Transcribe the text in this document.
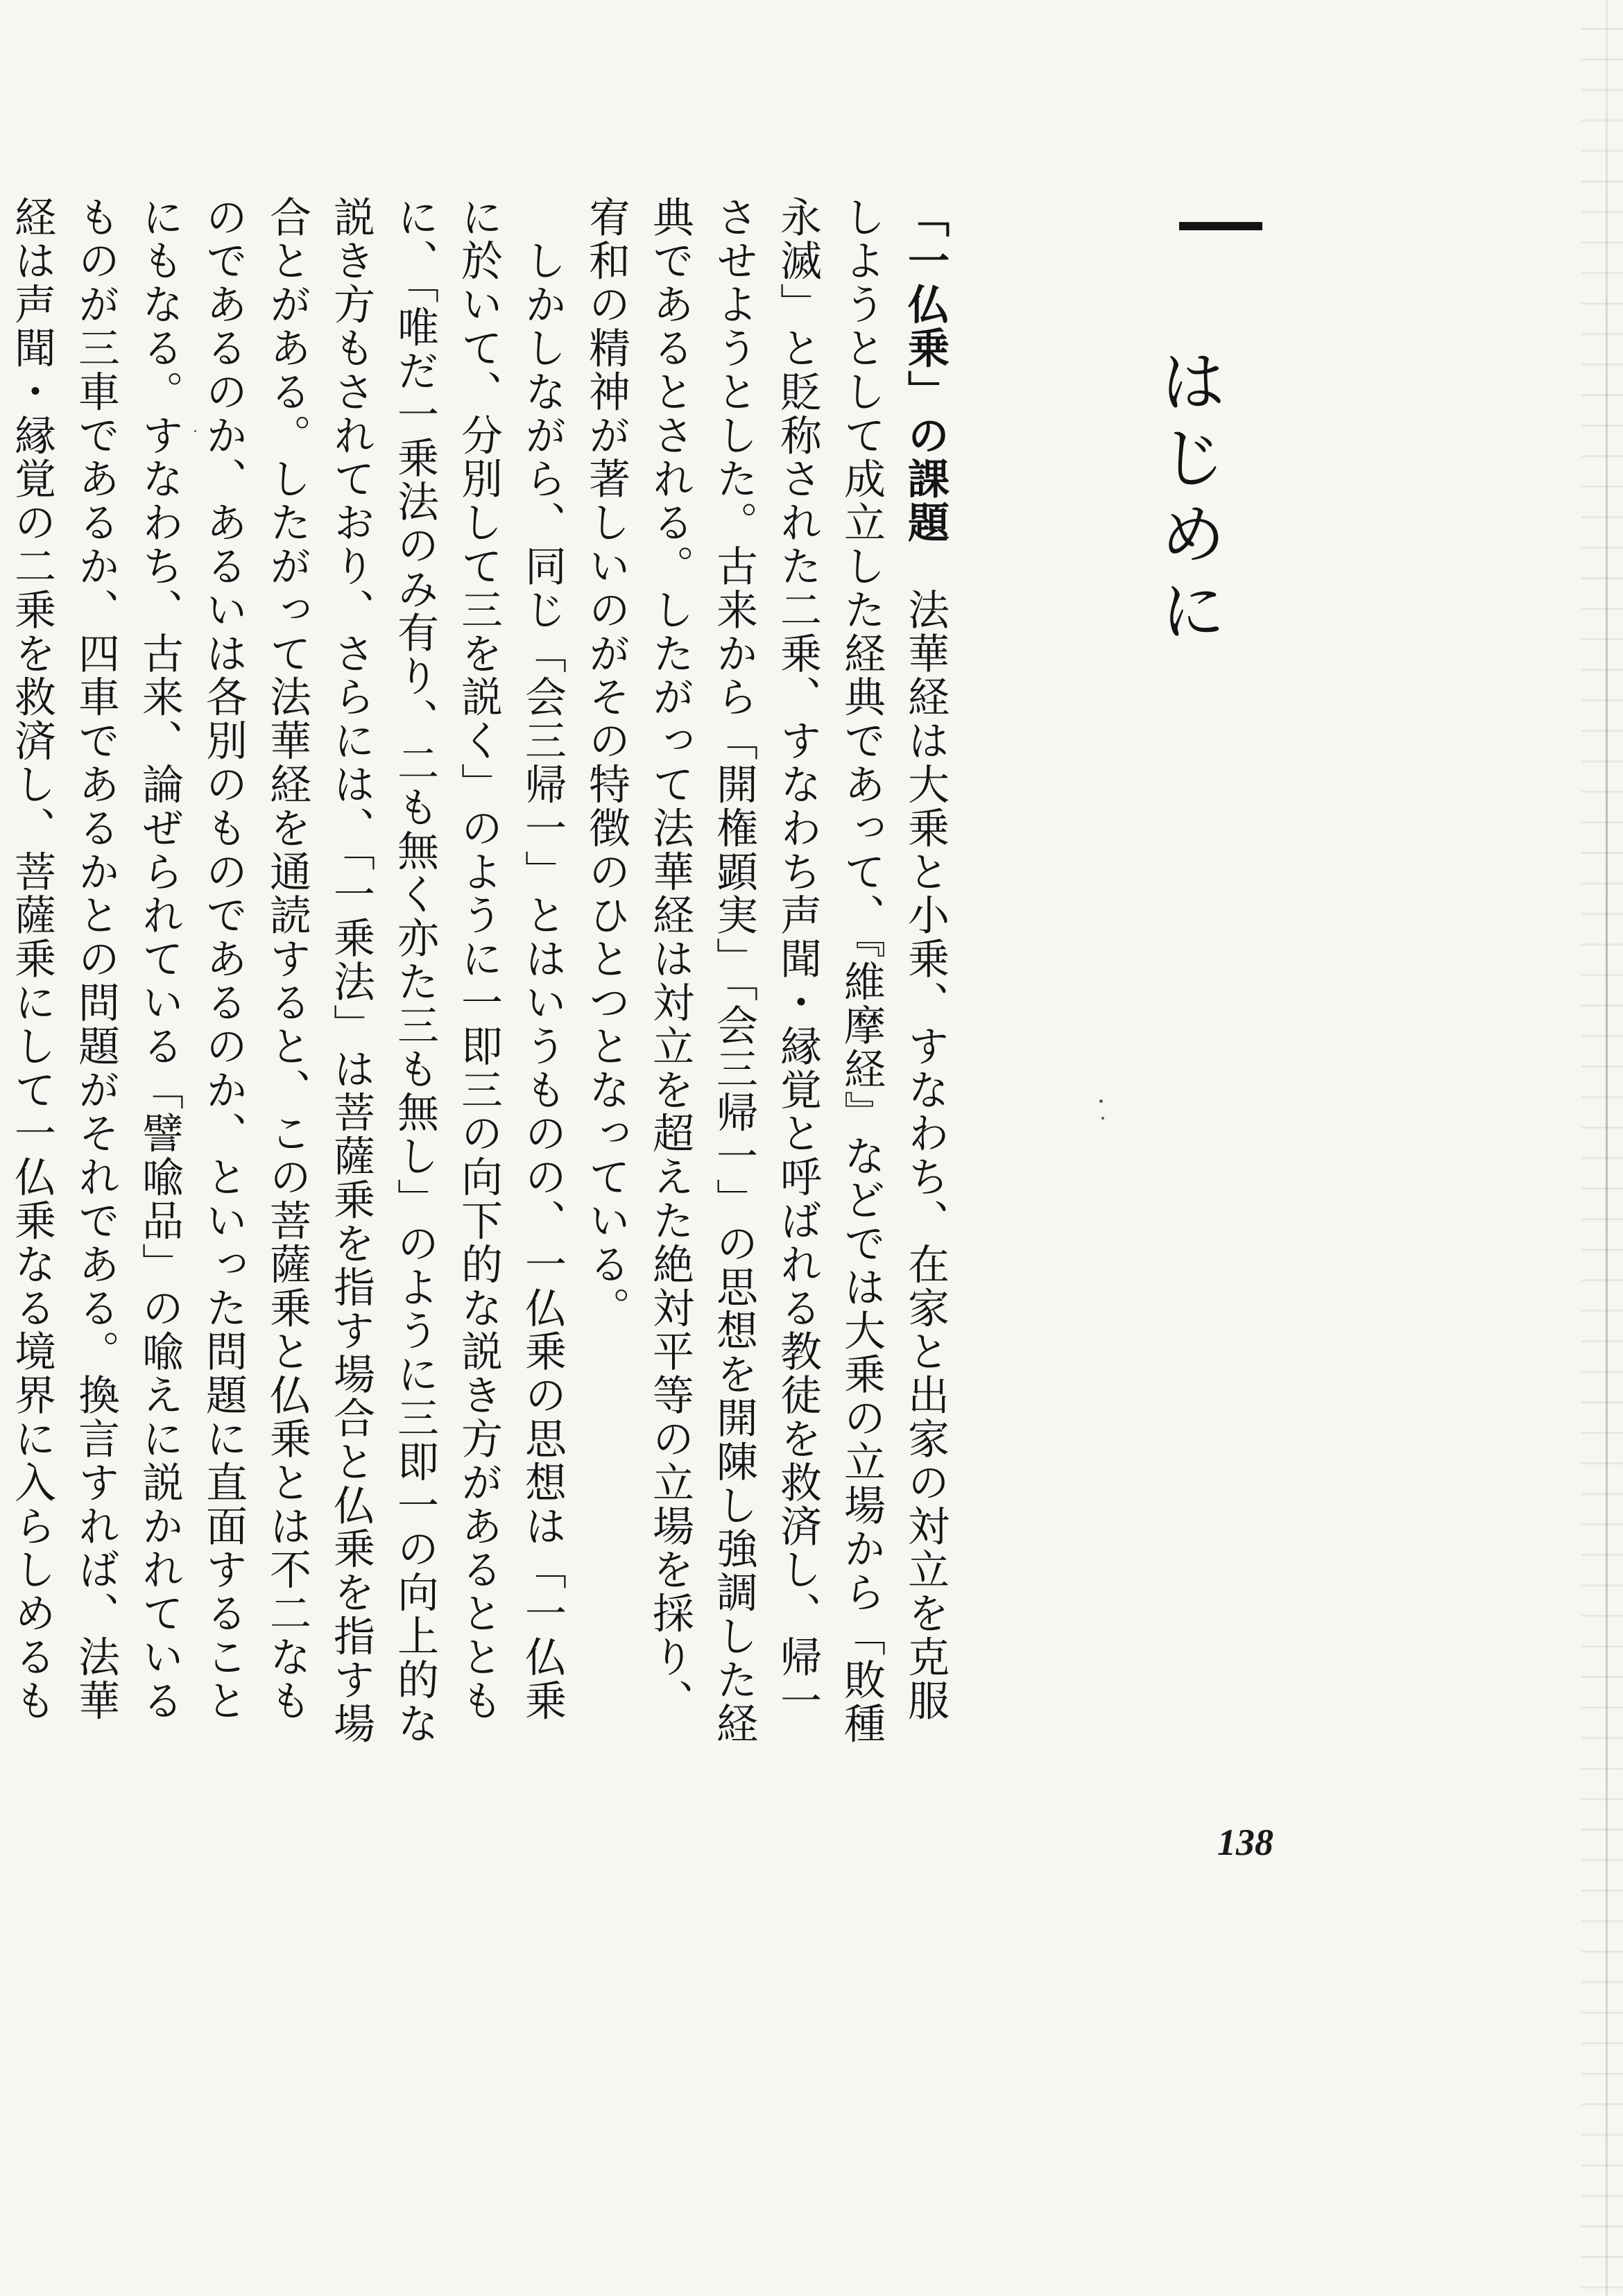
はじめに

「一仏乗」の課題　法華経は大乗と小乗、すなわち、在家と出家の対立を克服しようとして成立した経典であって、『維摩経』などでは大乗の立場から「敗種永滅」と貶称された二乗、すなわち声聞・縁覚と呼ばれる教徒を救済し、帰一させようとした。古来から「開権顕実」「会三帰一」の思想を開陳し強調した経典であるとされる。したがって法華経は対立を超えた絶対平等の立場を採り、宥和の精神が著しいのがその特徴のひとつとなっている。

　しかしながら、同じ「会三帰一」とはいうものの、一仏乗の思想は「一仏乗に於いて、分別して三を説く」のように一即三の向下的な説き方があるとともに、「唯だ一乗法のみ有り、二も無く亦た三も無し」のように三即一の向上的な説き方もされており、さらには、「一乗法」は菩薩乗を指す場合と仏乗を指す場合とがある。したがって法華経を通読すると、この菩薩乗と仏乗とは不二なものであるのか、あるいは各別のものであるのか、といった問題に直面することにもなる。すなわち、古来、論ぜられている「譬喩品」の喩えに説かれているものが三車であるか、四車であるかとの問題がそれである。換言すれば、法華経は声聞・縁覚の二乗を救済し、菩薩乗にして一仏乗なる境界に入らしめるも

138
